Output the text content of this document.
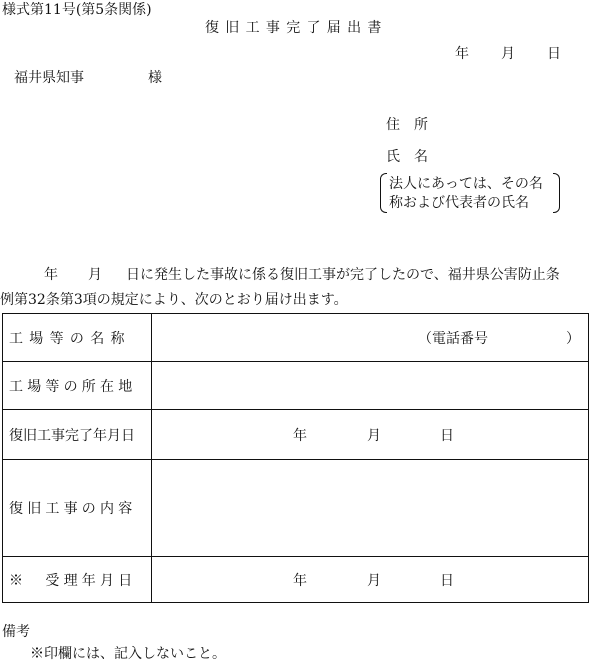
様式第11号(第5条関係)
復旧工事完了届出書
年 月 日
福井県知事	様
住　所
氏　名
法人にあっては、その名
称および代表者の氏名
年 月 日に発生した事故に係る復旧工事が完了したので、福井県公害防止条
例第32条第3項の規定により、次のとおり届け出ます。
工場等の名称	（電話番号 ）

工場等の所在地	
復旧工事完了年月日	年 月 日

復旧工事の内容	
※　受理年月日	年 月 日
備考
※印欄には、記入しないこと。
